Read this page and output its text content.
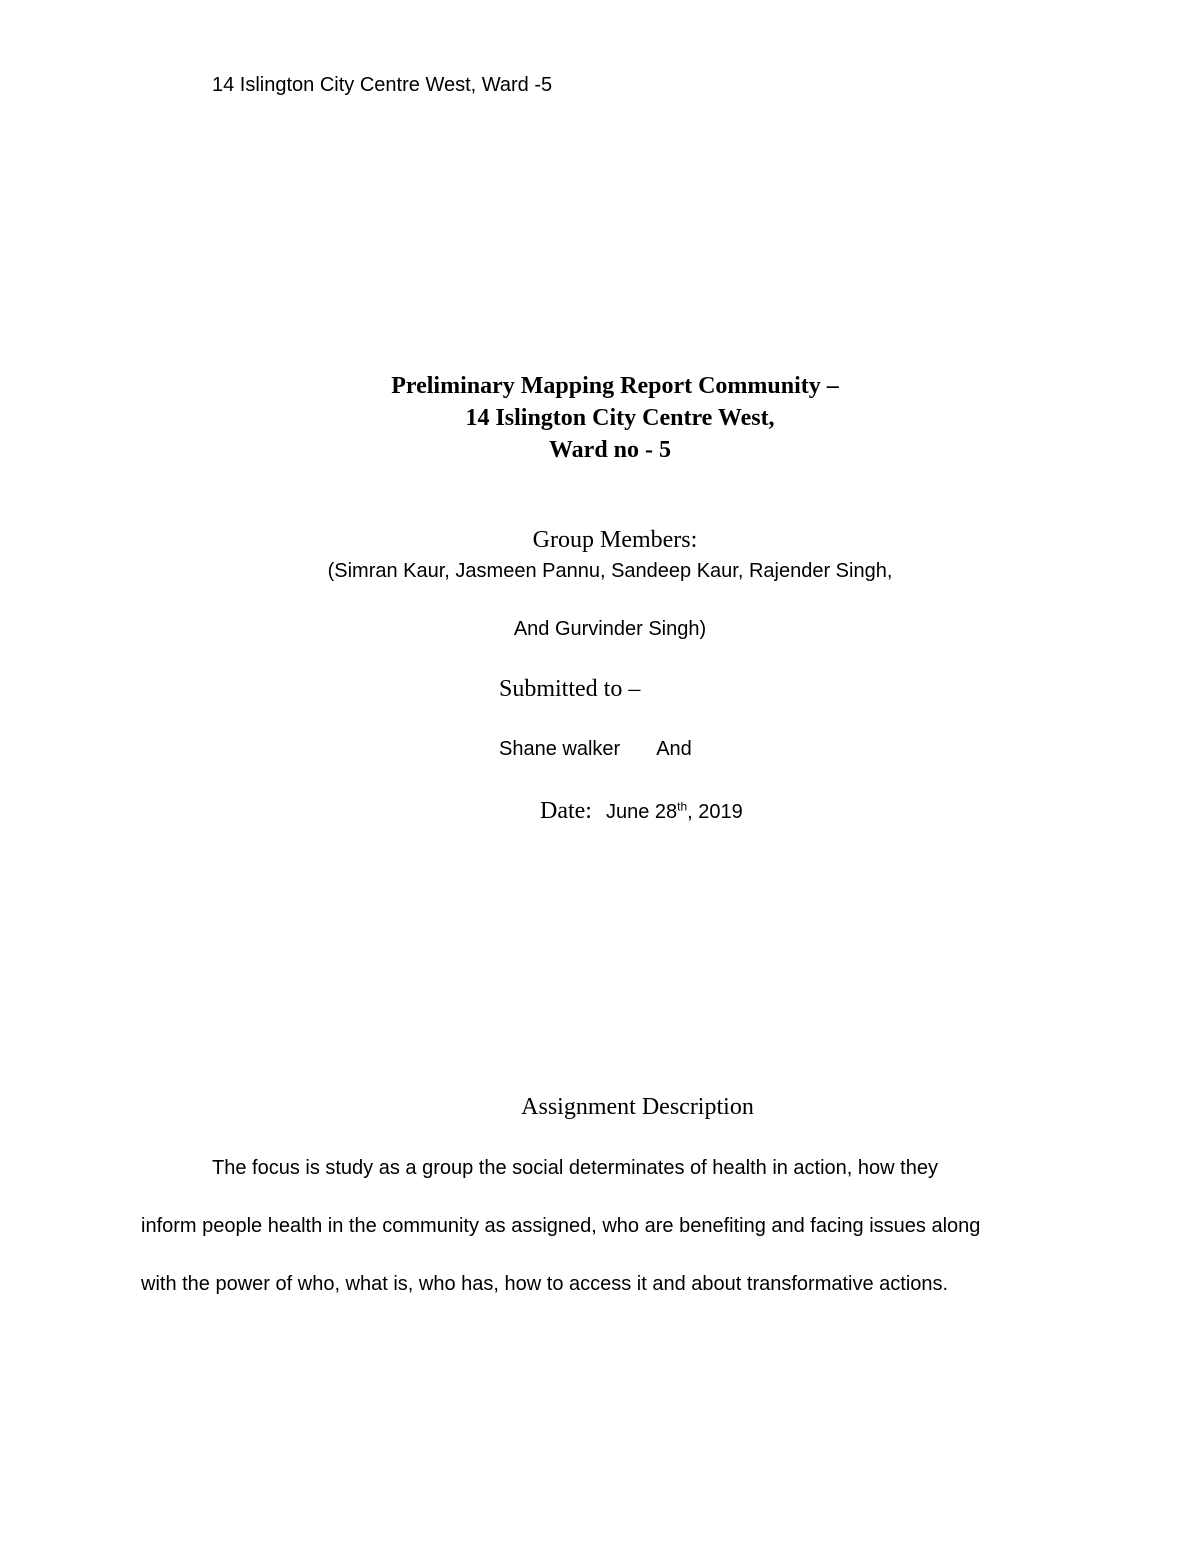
14 Islington City Centre West, Ward -5
Preliminary Mapping Report Community –
14 Islington City Centre West,
Ward no - 5
Group Members:
(Simran Kaur, Jasmeen Pannu, Sandeep Kaur, Rajender Singh,
And Gurvinder Singh)
Submitted to –
Shane walker And
Date: June 28th, 2019
Assignment Description
The focus is study as a group the social determinates of health in action, how they
inform people health in the community as assigned, who are benefiting and facing issues along
with the power of who, what is, who has, how to access it and about transformative actions.
